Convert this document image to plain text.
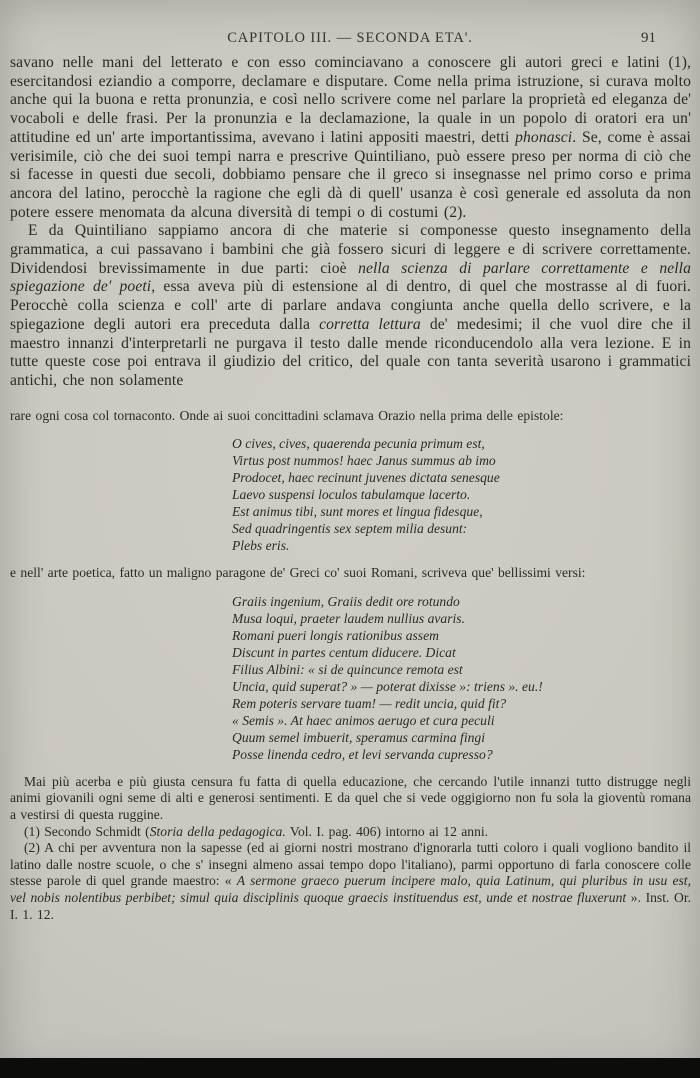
CAPITOLO III. — SECONDA ETA'.	91

savano nelle mani del letterato e con esso cominciavano a conoscere gli autori greci e latini (1), esercitandosi eziandio a comporre, declamare e disputare. Come nella prima istruzione, si curava molto anche qui la buona e retta pronunzia, e così nello scrivere come nel parlare la proprietà ed eleganza de' vocaboli e delle frasi. Per la pronunzia e la declamazione, la quale in un popolo di oratori era un' attitudine ed un' arte importantissima, avevano i latini appositi maestri, detti phonasci. Se, come è assai verisimile, ciò che dei suoi tempi narra e prescrive Quintiliano, può essere preso per norma di ciò che si facesse in questi due secoli, dobbiamo pensare che il greco si insegnasse nel primo corso e prima ancora del latino, perocchè la ragione che egli dà di quell' usanza è così generale ed assoluta da non potere essere menomata da alcuna diversità di tempi o di costumi (2).

E da Quintiliano sappiamo ancora di che materie si componesse questo insegnamento della grammatica, a cui passavano i bambini che già fossero sicuri di leggere e di scrivere correttamente. Dividendosi brevissimamente in due parti: cioè nella scienza di parlare correttamente e nella spiegazione de' poeti, essa aveva più di estensione al di dentro, di quel che mostrasse al di fuori. Perocchè colla scienza e coll' arte di parlare andava congiunta anche quella dello scrivere, e la spiegazione degli autori era preceduta dalla corretta lettura de' medesimi; il che vuol dire che il maestro innanzi d'interpretarli ne purgava il testo dalle mende riconducendolo alla vera lezione. E in tutte queste cose poi entrava il giudizio del critico, del quale con tanta severità usarono i grammatici antichi, che non solamente

rare ogni cosa col tornaconto. Onde ai suoi concittadini sclamava Orazio nella prima delle epistole:

O cives, cives, quaerenda pecunia primum est,
Virtus post nummos! haec Janus summus ab imo
Prodocet, haec recinunt juvenes dictata senesque
Laevo suspensi loculos tabulamque lacerto.
Est animus tibi, sunt mores et lingua fidesque,
Sed quadringentis sex septem milia desunt:
Plebs eris.

e nell' arte poetica, fatto un maligno paragone de' Greci co' suoi Romani, scriveva que' bellissimi versi:

Graiis ingenium, Graiis dedit ore rotundo
Musa loqui, praeter laudem nullius avaris.
Romani pueri longis rationibus assem
Discunt in partes centum diducere. Dicat
Filius Albini: « si de quincunce remota est
Uncia, quid superat? » — poterat dixisse »: triens ». eu.!
Rem poteris servare tuam! — redit uncia, quid fit?
« Semis ». At haec animos aerugo et cura peculi
Quum semel imbuerit, speramus carmina fingi
Posse linenda cedro, et levi servanda cupresso?

Mai più acerba e più giusta censura fu fatta di quella educazione, che cercando l'utile innanzi tutto distrugge negli animi giovanili ogni seme di alti e generosi sentimenti. E da quel che si vede oggigiorno non fu sola la gioventù romana a vestirsi di questa ruggine.

(1) Secondo Schmidt (Storia della pedagogica. Vol. I. pag. 406) intorno ai 12 anni.

(2) A chi per avventura non la sapesse (ed ai giorni nostri mostrano d'ignorarla tutti coloro i quali vogliono bandito il latino dalle nostre scuole, o che s' insegni almeno assai tempo dopo l'italiano), parmi opportuno di farla conoscere colle stesse parole di quel grande maestro: « A sermone graeco puerum incipere malo, quia Latinum, qui pluribus in usu est, vel nobis nolentibus perbibet; simul quia disciplinis quoque graecis instituendus est, unde et nostrae fluxerunt ». Inst. Or. I. 1. 12.
